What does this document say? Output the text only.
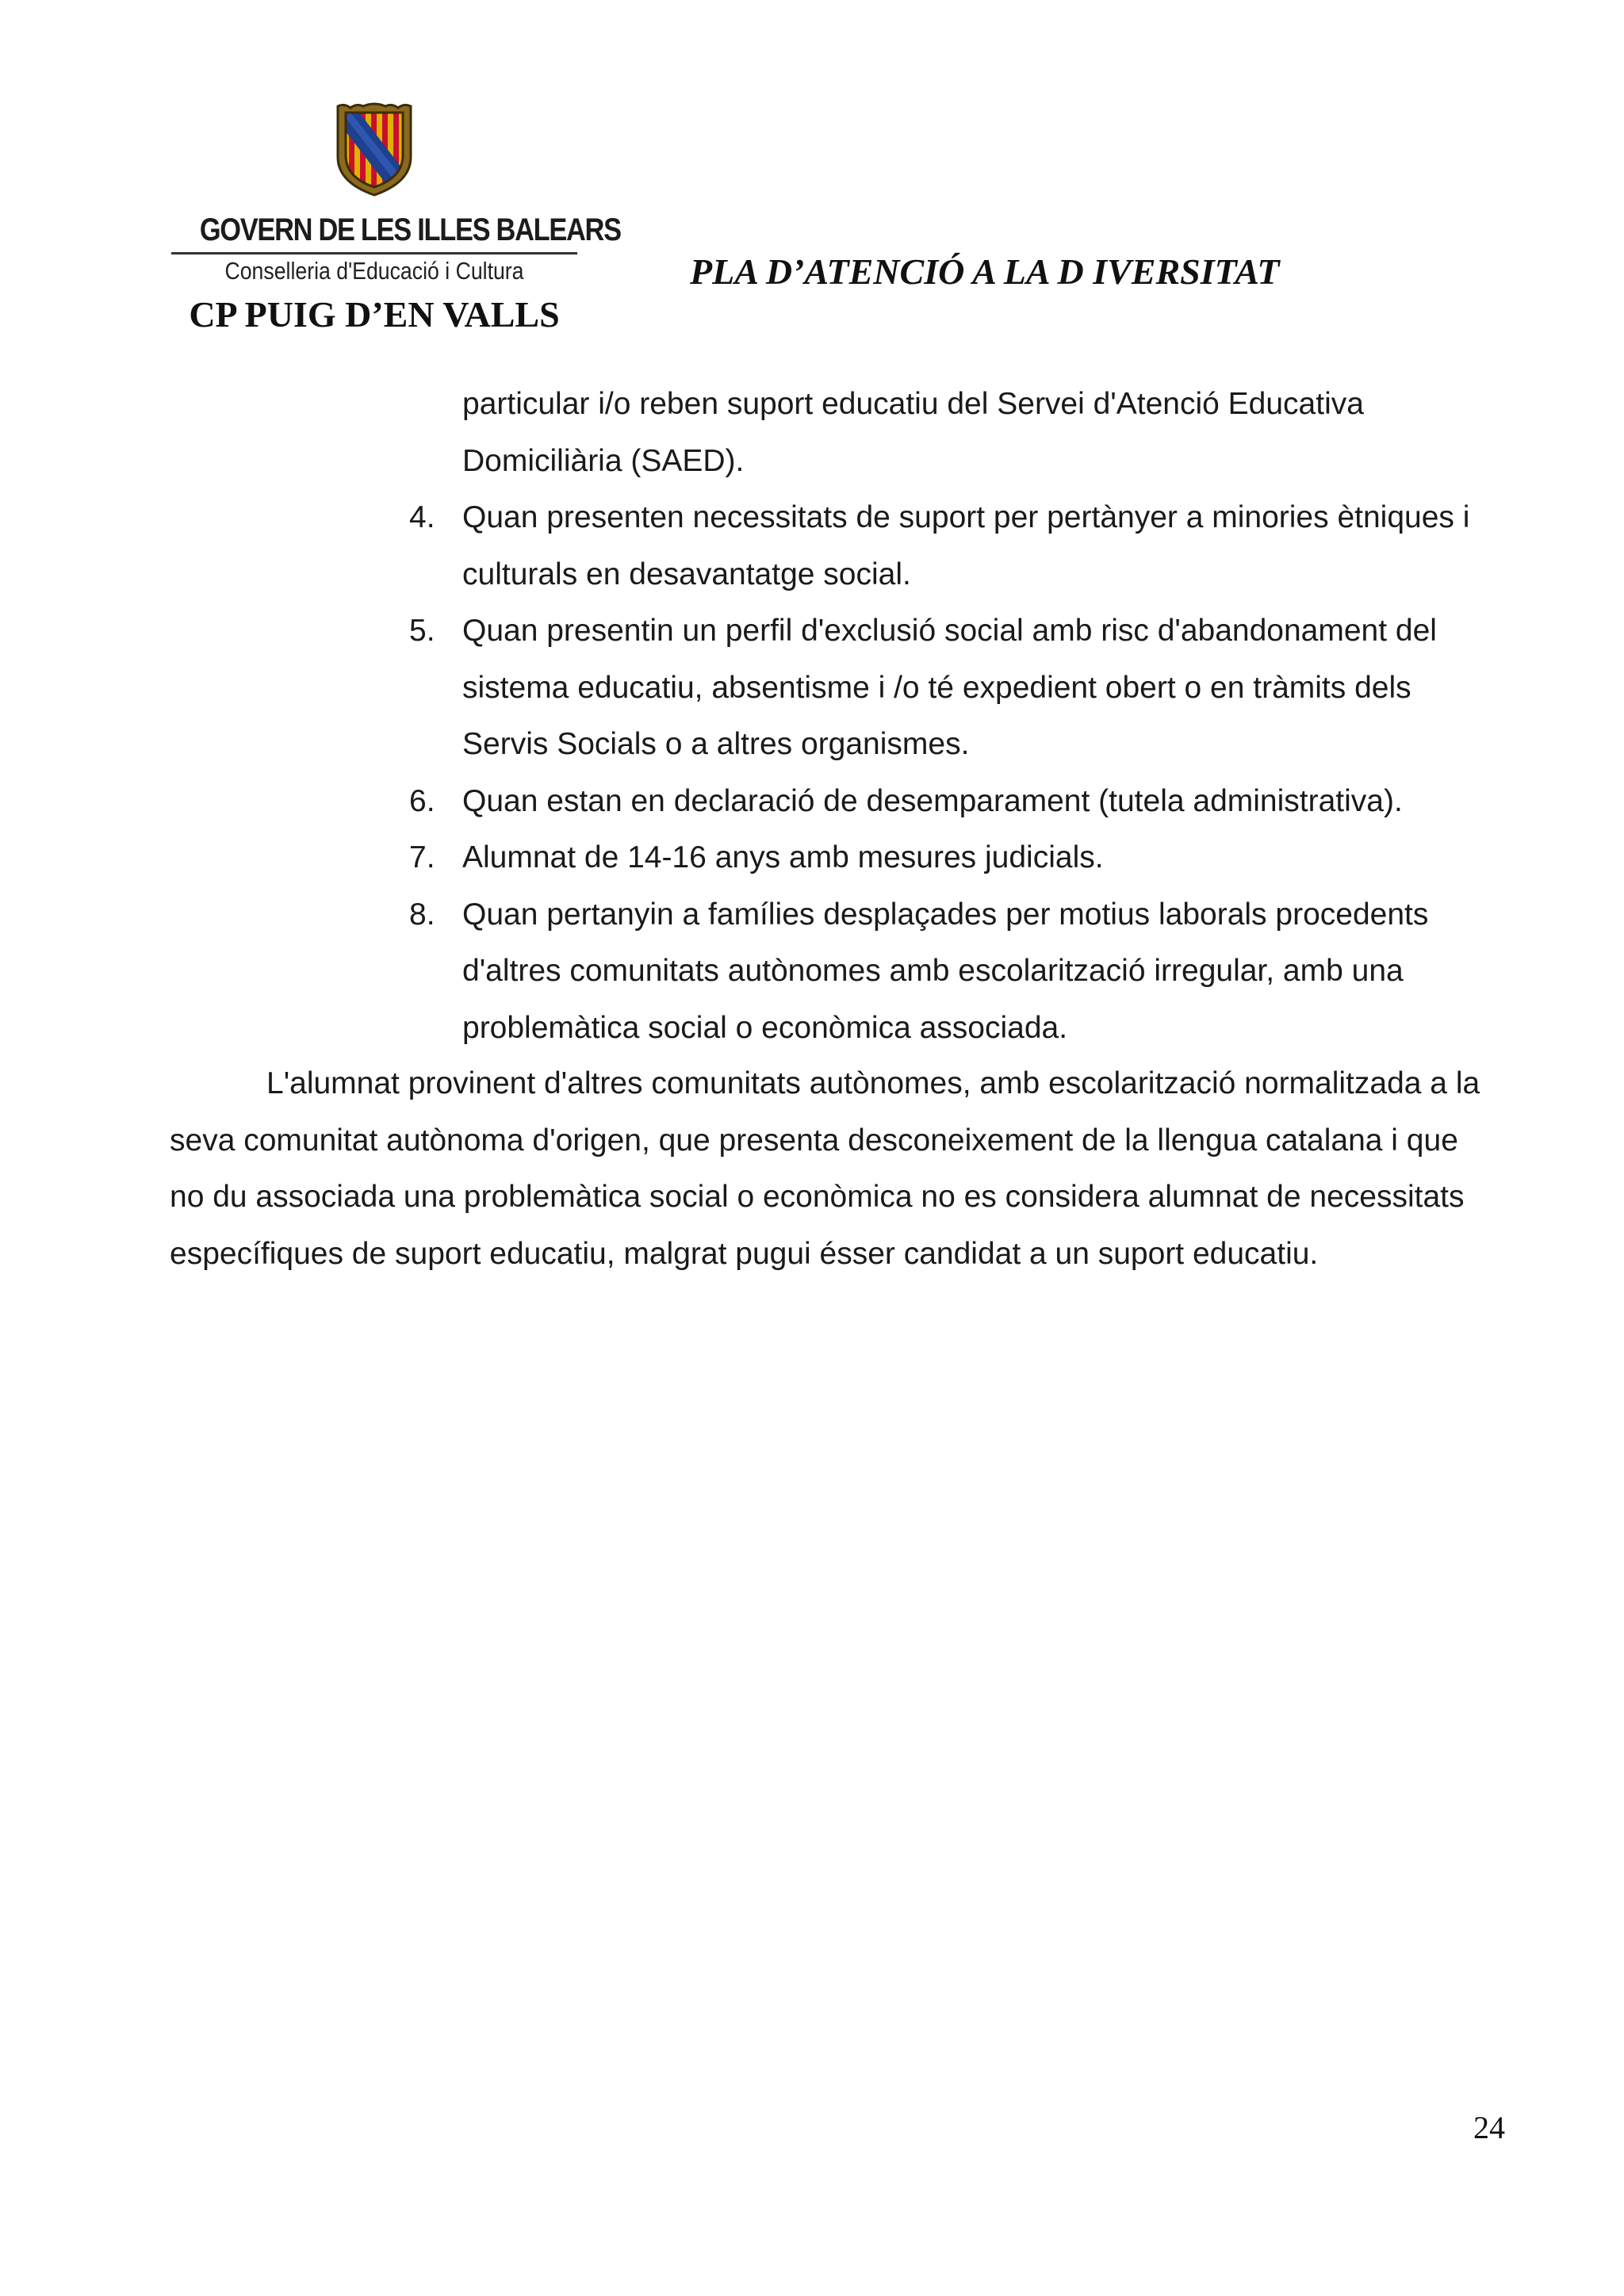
GOVERN DE LES ILLES BALEARS
Conselleria d'Educació i Cultura
CP PUIG D’EN VALLS
PLA D’ATENCIÓ A LA D IVERSITAT
particular i/o reben suport educatiu del Servei d'Atenció Educativa Domiciliària (SAED).
4. Quan presenten necessitats de suport per pertànyer a minories ètniques i culturals en desavantatge social.
5. Quan presentin un perfil d'exclusió social amb risc d'abandonament del sistema educatiu, absentisme i /o té expedient obert o en tràmits dels Servis Socials o a altres organismes.
6. Quan estan en declaració de desemparament (tutela administrativa).
7. Alumnat de 14-16 anys amb mesures judicials.
8. Quan pertanyin a famílies desplaçades per motius laborals procedents d'altres comunitats autònomes amb escolarització irregular, amb una problemàtica social o econòmica associada.

L'alumnat provinent d'altres comunitats autònomes, amb escolarització normalitzada a la seva comunitat autònoma d'origen, que presenta desconeixement de la llengua catalana i que no du associada una problemàtica social o econòmica no es considera alumnat de necessitats específiques de suport educatiu, malgrat pugui ésser candidat a un suport educatiu.

24
